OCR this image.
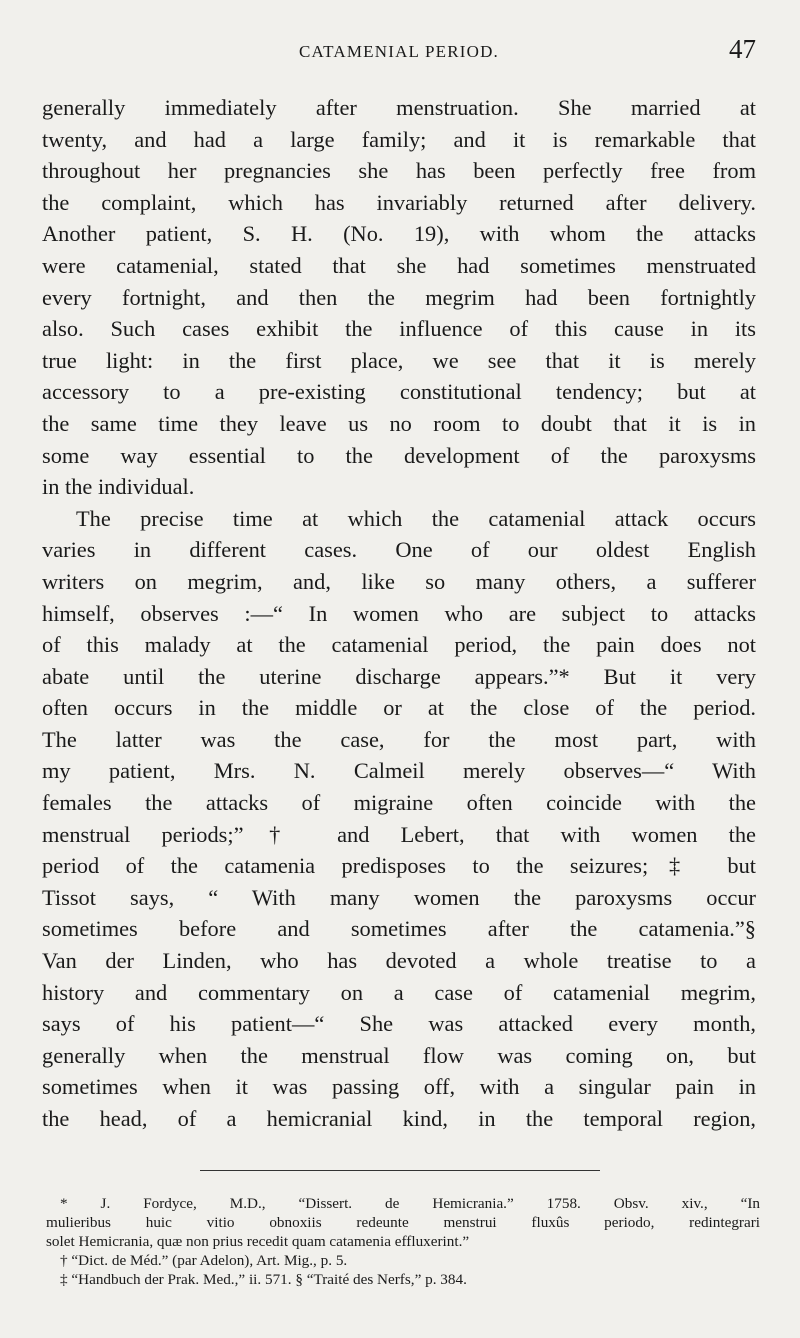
CATAMENIAL PERIOD.	47

generally immediately after menstruation. She married at
twenty, and had a large family; and it is remarkable that
throughout her pregnancies she has been perfectly free from
the complaint, which has invariably returned after delivery.
Another patient, S. H. (No. 19), with whom the attacks
were catamenial, stated that she had sometimes menstruated
every fortnight, and then the megrim had been fortnightly
also. Such cases exhibit the influence of this cause in its
true light: in the first place, we see that it is merely
accessory to a pre-existing constitutional tendency; but at
the same time they leave us no room to doubt that it is in
some way essential to the development of the paroxysms
in the individual.

The precise time at which the catamenial attack occurs
varies in different cases. One of our oldest English
writers on megrim, and, like so many others, a sufferer
himself, observes :—“ In women who are subject to attacks
of this malady at the catamenial period, the pain does not
abate until the uterine discharge appears.”* But it very
often occurs in the middle or at the close of the period.
The latter was the case, for the most part, with
my patient, Mrs. N. Calmeil merely observes—“ With
females the attacks of migraine often coincide with the
menstrual periods;”† and Lebert, that with women the
period of the catamenia predisposes to the seizures;‡ but
Tissot says, “ With many women the paroxysms occur
sometimes before and sometimes after the catamenia.”§
Van der Linden, who has devoted a whole treatise to a
history and commentary on a case of catamenial megrim,
says of his patient—“ She was attacked every month,
generally when the menstrual flow was coming on, but
sometimes when it was passing off, with a singular pain in
the head, of a hemicranial kind, in the temporal region,

* J. Fordyce, M.D., “Dissert. de Hemicrania.” 1758. Obsv. xiv., “In
mulieribus huic vitio obnoxiis redeunte menstrui fluxûs periodo, redintegrari
solet Hemicrania, quæ non prius recedit quam catamenia effluxerint.”
† “Dict. de Méd.” (par Adelon), Art. Mig., p. 5.
‡ “Handbuch der Prak. Med.,” ii. 571. § “Traité des Nerfs,” p. 384.
